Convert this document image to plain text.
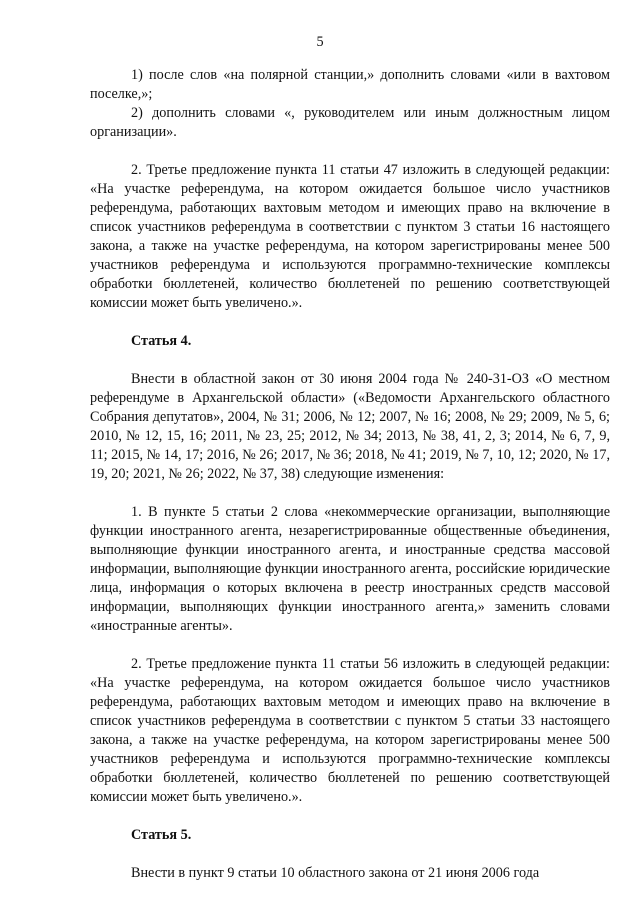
5

1) после слов «на полярной станции,» дополнить словами «или в вахтовом поселке,»;

2) дополнить словами «, руководителем или иным должностным лицом организации».

2. Третье предложение пункта 11 статьи 47 изложить в следующей редакции: «На участке референдума, на котором ожидается большое число участников референдума, работающих вахтовым методом и имеющих право на включение в список участников референдума в соответствии с пунктом 3 статьи 16 настоящего закона, а также на участке референдума, на котором зарегистрированы менее 500 участников референдума и используются программно-технические комплексы обработки бюллетеней, количество бюллетеней по решению соответствующей комиссии может быть увеличено.».

Статья 4.

Внести в областной закон от 30 июня 2004 года № 240-31-ОЗ «О местном референдуме в Архангельской области» («Ведомости Архангельского областного Собрания депутатов», 2004, № 31; 2006, № 12; 2007, № 16; 2008, № 29; 2009, № 5, 6; 2010, № 12, 15, 16; 2011, № 23, 25; 2012, № 34; 2013, № 38, 41, 2, 3; 2014, № 6, 7, 9, 11; 2015, № 14, 17; 2016, № 26; 2017, № 36; 2018, № 41; 2019, № 7, 10, 12; 2020, № 17, 19, 20; 2021, № 26; 2022, № 37, 38) следующие изменения:

1. В пункте 5 статьи 2 слова «некоммерческие организации, выполняющие функции иностранного агента, незарегистрированные общественные объединения, выполняющие функции иностранного агента, и иностранные средства массовой информации, выполняющие функции иностранного агента, российские юридические лица, информация о которых включена в реестр иностранных средств массовой информации, выполняющих функции иностранного агента,» заменить словами «иностранные агенты».

2. Третье предложение пункта 11 статьи 56 изложить в следующей редакции: «На участке референдума, на котором ожидается большое число участников референдума, работающих вахтовым методом и имеющих право на включение в список участников референдума в соответствии с пунктом 5 статьи 33 настоящего закона, а также на участке референдума, на котором зарегистрированы менее 500 участников референдума и используются программно-технические комплексы обработки бюллетеней, количество бюллетеней по решению соответствующей комиссии может быть увеличено.».

Статья 5.

Внести в пункт 9 статьи 10 областного закона от 21 июня 2006 года
